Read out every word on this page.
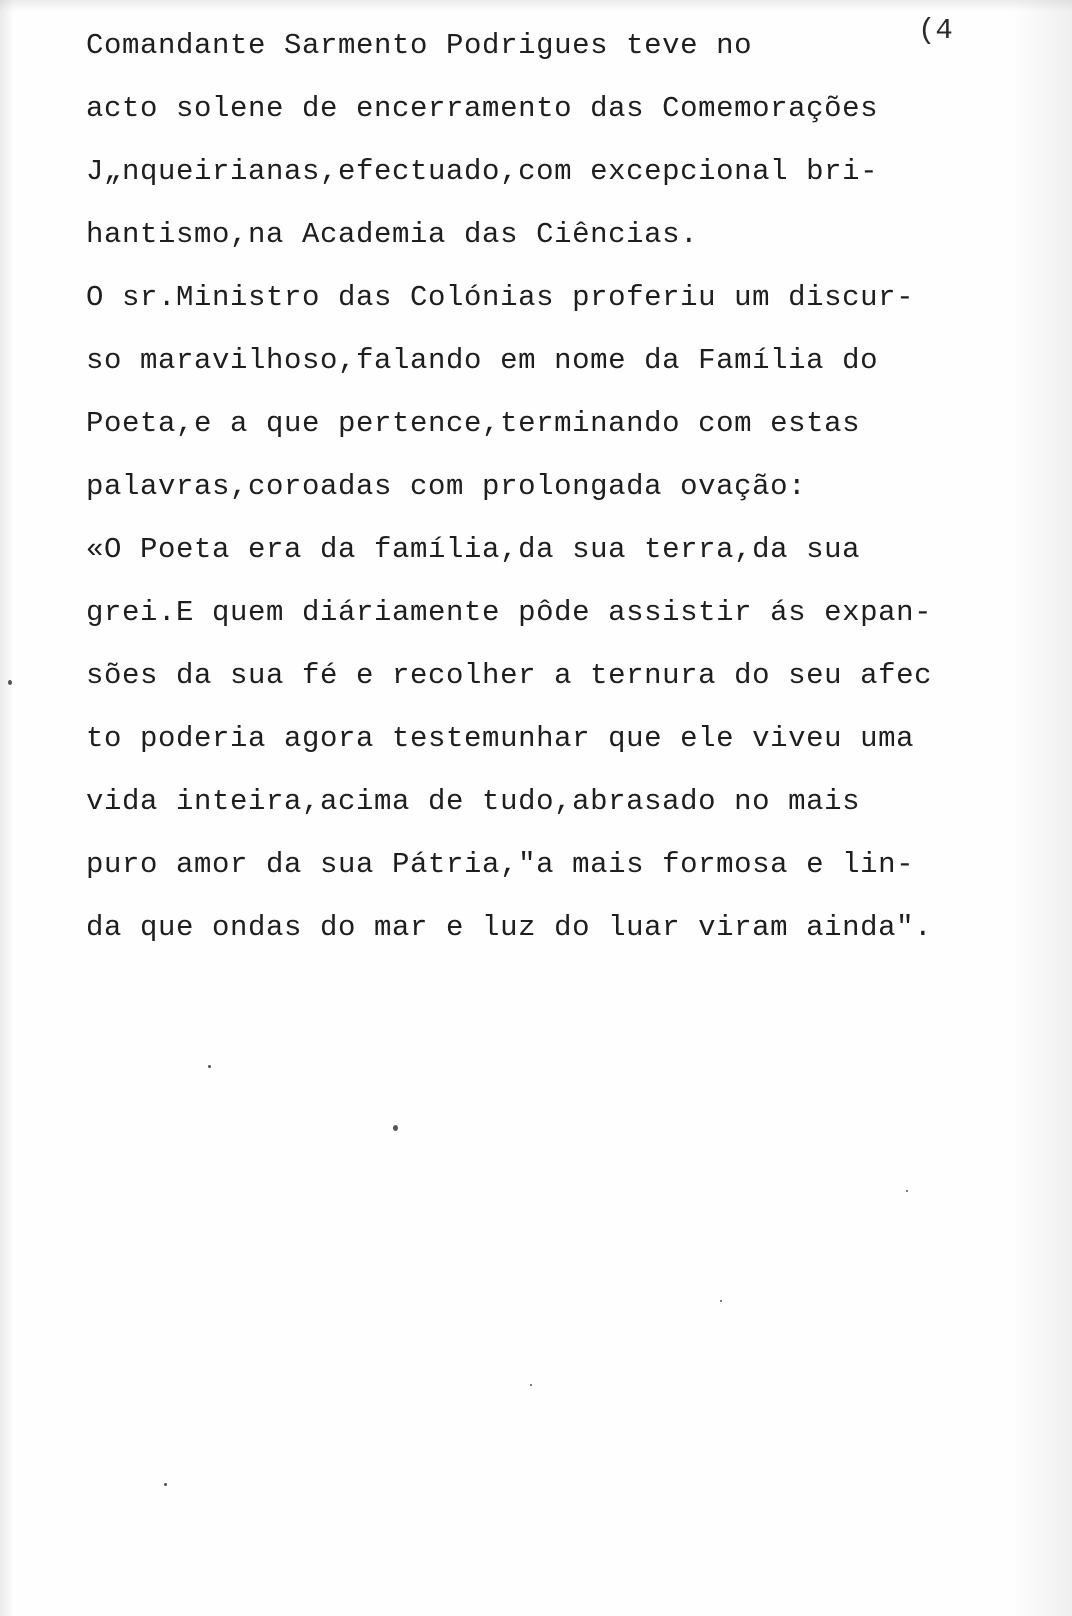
(4
Comandante Sarmento Podrigues teve no
acto solene de encerramento das Comemorações
J„nqueirianas,efectuado,com excepcional bri-
hantismo,na Academia das Ciências.
O sr.Ministro das Colónias proferiu um discur-
so maravilhoso,falando em nome da Família do
Poeta,e a que pertence,terminando com estas
palavras,coroadas com prolongada ovação:
«O Poeta era da família,da sua terra,da sua
grei.E quem diáriamente pôde assistir ás expan-
sões da sua fé e recolher a ternura do seu afec
to poderia agora testemunhar que ele viveu uma
vida inteira,acima de tudo,abrasado no mais
puro amor da sua Pátria,"a mais formosa e lin-
da que ondas do mar e luz do luar viram ainda".
